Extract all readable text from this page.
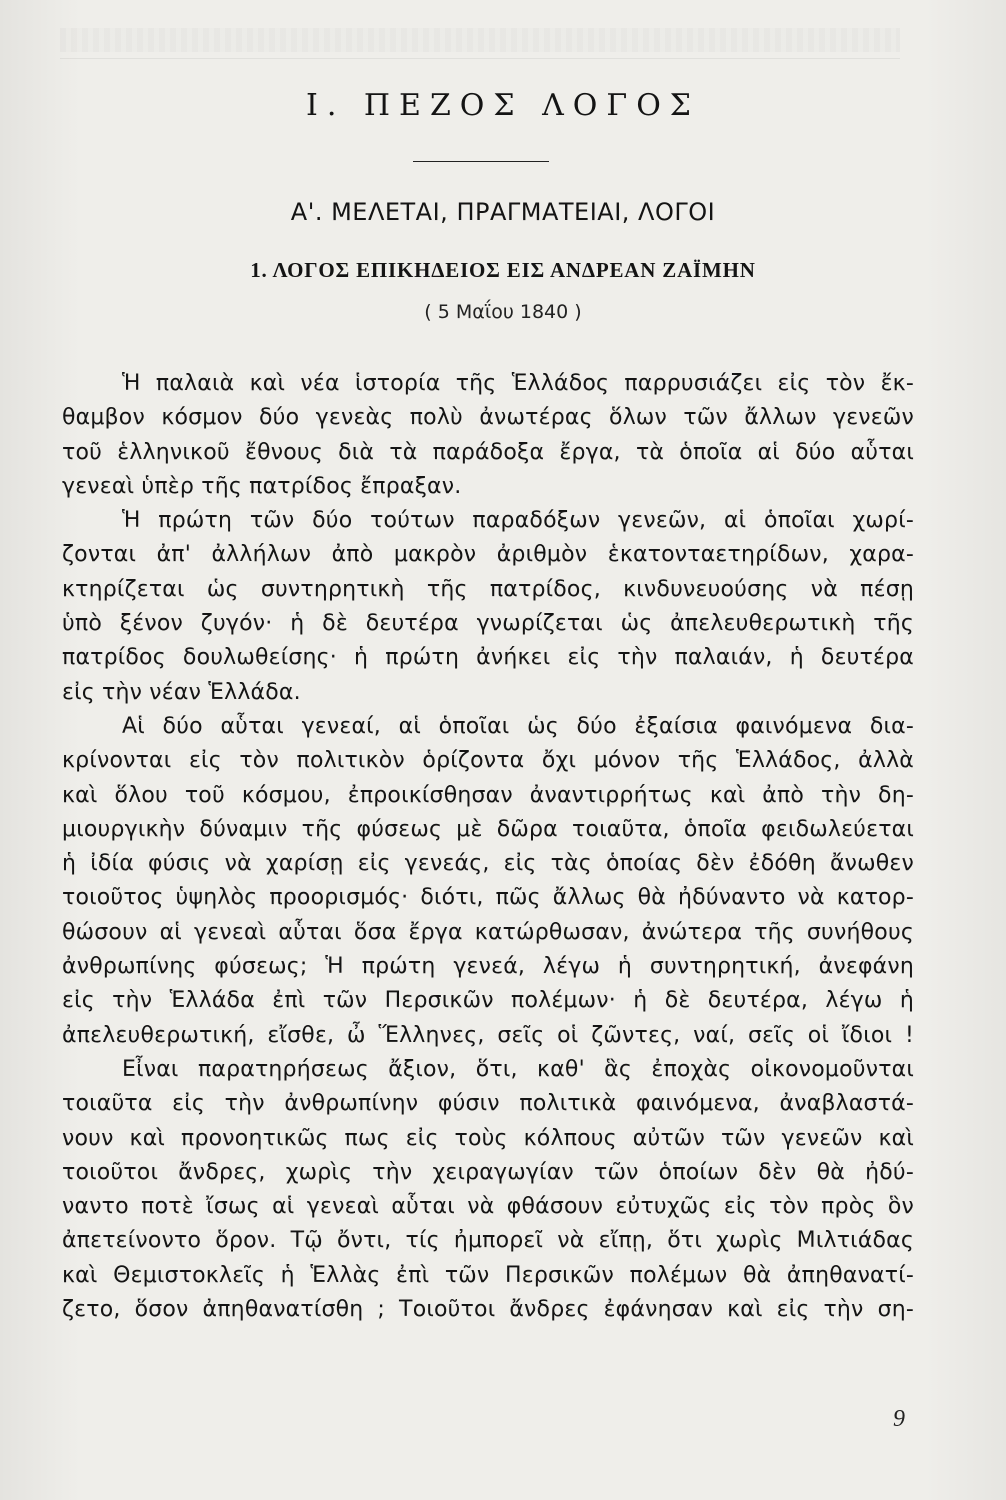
I. ΠΕΖΟΣ ΛΟΓΟΣ
Α'. ΜΕΛΕΤΑΙ, ΠΡΑΓΜΑΤΕΙΑΙ, ΛΟΓΟΙ
1. ΛΟΓΟΣ ΕΠΙΚΗΔΕΙΟΣ ΕΙΣ ΑΝΔΡΕΑΝ ΖΑΪΜΗΝ
( 5 Μαΐου 1840 )
Ἡ παλαιὰ καὶ νέα ἱστορία τῆς Ἑλλάδος παρρυσιάζει εἰς τὸν ἔκ-
θαμβον κόσμον δύο γενεὰς πολὺ ἀνωτέρας ὅλων τῶν ἄλλων γενεῶν
τοῦ ἑλληνικοῦ ἔθνους διὰ τὰ παράδοξα ἔργα, τὰ ὁποῖα αἱ δύο αὗται
γενεαὶ ὑπὲρ τῆς πατρίδος ἔπραξαν.
Ἡ πρώτη τῶν δύο τούτων παραδόξων γενεῶν, αἱ ὁποῖαι χωρί-
ζονται ἀπ' ἀλλήλων ἀπὸ μακρὸν ἀριθμὸν ἑκατονταετηρίδων, χαρα-
κτηρίζεται ὡς συντηρητικὴ τῆς πατρίδος, κινδυνευούσης νὰ πέσῃ
ὑπὸ ξένον ζυγόν· ἡ δὲ δευτέρα γνωρίζεται ὡς ἀπελευθερωτικὴ τῆς
πατρίδος δουλωθείσης· ἡ πρώτη ἀνήκει εἰς τὴν παλαιάν, ἡ δευτέρα
εἰς τὴν νέαν Ἑλλάδα.
Αἱ δύο αὗται γενεαί, αἱ ὁποῖαι ὡς δύο ἐξαίσια φαινόμενα δια-
κρίνονται εἰς τὸν πολιτικὸν ὁρίζοντα ὄχι μόνον τῆς Ἑλλάδος, ἀλλὰ
καὶ ὅλου τοῦ κόσμου, ἐπροικίσθησαν ἀναντιρρήτως καὶ ἀπὸ τὴν δη-
μιουργικὴν δύναμιν τῆς φύσεως μὲ δῶρα τοιαῦτα, ὁποῖα φειδωλεύεται
ἡ ἰδία φύσις νὰ χαρίσῃ εἰς γενεάς, εἰς τὰς ὁποίας δὲν ἐδόθη ἄνωθεν
τοιοῦτος ὑψηλὸς προορισμός· διότι, πῶς ἄλλως θὰ ἠδύναντο νὰ κατορ-
θώσουν αἱ γενεαὶ αὗται ὅσα ἔργα κατώρθωσαν, ἀνώτερα τῆς συνήθους
ἀνθρωπίνης φύσεως; Ἡ πρώτη γενεά, λέγω ἡ συντηρητική, ἀνεφάνη
εἰς τὴν Ἑλλάδα ἐπὶ τῶν Περσικῶν πολέμων· ἡ δὲ δευτέρα, λέγω ἡ
ἀπελευθερωτική, εἴσθε, ὦ Ἕλληνες, σεῖς οἱ ζῶντες, ναί, σεῖς οἱ ἴδιοι !
Εἶναι παρατηρήσεως ἄξιον, ὅτι, καθ' ἃς ἐποχὰς οἰκονομοῦνται
τοιαῦτα εἰς τὴν ἀνθρωπίνην φύσιν πολιτικὰ φαινόμενα, ἀναβλαστά-
νουν καὶ προνοητικῶς πως εἰς τοὺς κόλπους αὐτῶν τῶν γενεῶν καὶ
τοιοῦτοι ἄνδρες, χωρὶς τὴν χειραγωγίαν τῶν ὁποίων δὲν θὰ ἠδύ-
ναντο ποτὲ ἴσως αἱ γενεαὶ αὗται νὰ φθάσουν εὐτυχῶς εἰς τὸν πρὸς ὃν
ἀπετείνοντο ὅρον. Τῷ ὄντι, τίς ἠμπορεῖ νὰ εἴπῃ, ὅτι χωρὶς Μιλτιάδας
καὶ Θεμιστοκλεῖς ἡ Ἑλλὰς ἐπὶ τῶν Περσικῶν πολέμων θὰ ἀπηθανατί-
ζετο, ὅσον ἀπηθανατίσθη ; Τοιοῦτοι ἄνδρες ἐφάνησαν καὶ εἰς τὴν ση-
9
